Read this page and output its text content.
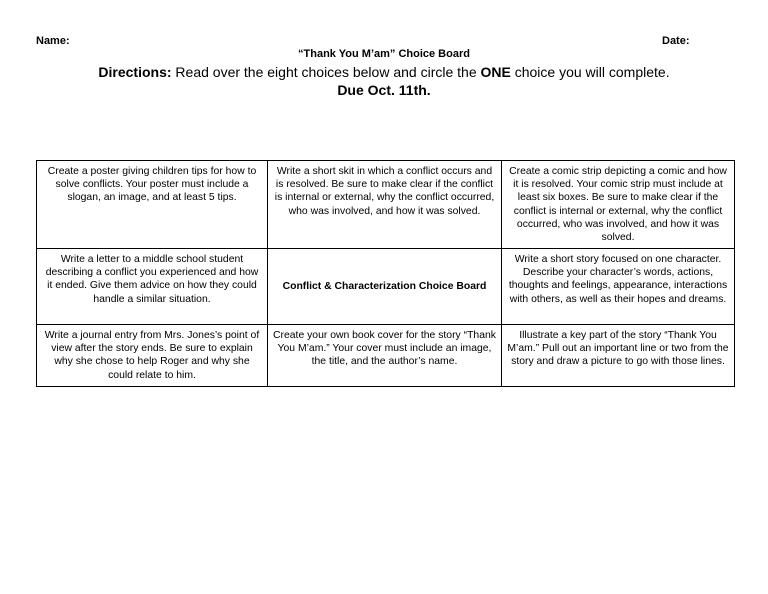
Name:	Date:
“Thank You M’am” Choice Board
Directions: Read over the eight choices below and circle the ONE choice you will complete.
Due Oct. 11th.
Create a poster giving children tips for how to solve conflicts. Your poster must include a slogan, an image, and at least 5 tips.	Write a short skit in which a conflict occurs and is resolved. Be sure to make clear if the conflict is internal or external, why the conflict occurred, who was involved, and how it was solved.	Create a comic strip depicting a comic and how it is resolved. Your comic strip must include at least six boxes. Be sure to make clear if the conflict is internal or external, why the conflict occurred, who was involved, and how it was solved.
Write a letter to a middle school student describing a conflict you experienced and how it ended. Give them advice on how they could handle a similar situation.	Conflict & Characterization Choice Board	Write a short story focused on one character. Describe your character’s words, actions, thoughts and feelings, appearance, interactions with others, as well as their hopes and dreams.
Write a journal entry from Mrs. Jones’s point of view after the story ends. Be sure to explain why she chose to help Roger and why she could relate to him.	Create your own book cover for the story “Thank You M’am.” Your cover must include an image, the title, and the author’s name.	Illustrate a key part of the story “Thank You M’am.” Pull out an important line or two from the story and draw a picture to go with those lines.
